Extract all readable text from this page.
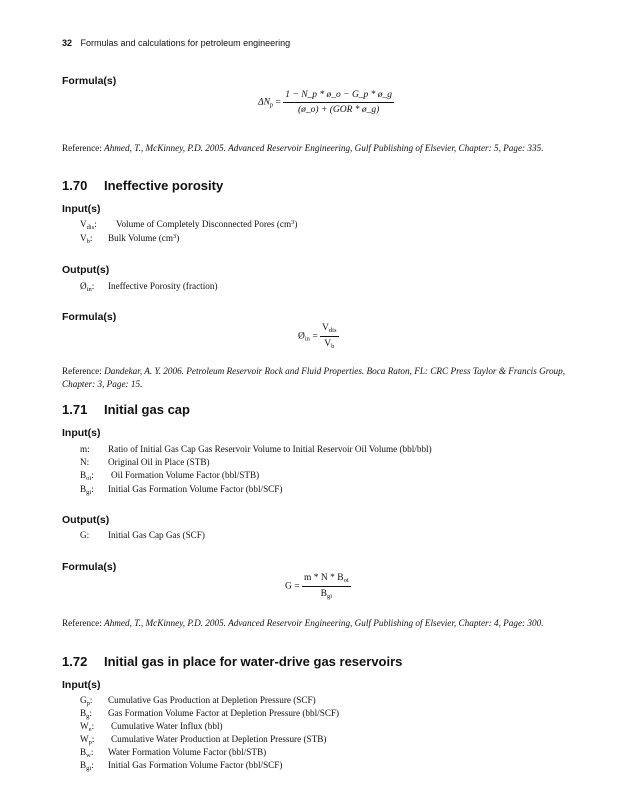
32 Formulas and calculations for petroleum engineering
Formula(s)
$\Delta N_p = \frac{1 - N\_p * ø\_o - G\_p * ø\_g}{\text{(ø\_o) + (GOR * ø\_g)}}$
Reference: Ahmed, T., McKinney, P.D. 2005. Advanced Reservoir Engineering, Gulf Publishing of Elsevier, Chapter: 5, Page: 335.
1.70 Ineffective porosity
Input(s)
$V_{dis}$: Volume of Completely Disconnected Pores $(cm^3)$
$V_b$: Bulk Volume $(cm^3)$
Output(s)
$Ø_{in}$: Ineffective Porosity (fraction)
Formula(s)
$Ø_{in} = \frac{V_{dis}}{V_b}$
Reference: Dandekar, A. Y. 2006. Petroleum Reservoir Rock and Fluid Properties. Boca Raton, FL: CRC Press Taylor & Francis Group, Chapter: 3, Page: 15.
1.71 Initial gas cap
Input(s)
m: Ratio of Initial Gas Cap Gas Reservoir Volume to Initial Reservoir Oil Volume (bbl/bbl)
N: Original Oil in Place (STB)
$B_{oi}$: Oil Formation Volume Factor (bbl/STB)
$B_{gi}$: Initial Gas Formation Volume Factor (bbl/SCF)
Output(s)
G: Initial Gas Cap Gas (SCF)
Formula(s)
$G = \frac{m * N * B_{oi}}{B_{gi}}$
Reference: Ahmed, T., McKinney, P.D. 2005. Advanced Reservoir Engineering, Gulf Publishing of Elsevier, Chapter: 4, Page: 300.
1.72 Initial gas in place for water-drive gas reservoirs
Input(s)
$G_p$: Cumulative Gas Production at Depletion Pressure (SCF)
$B_g$: Gas Formation Volume Factor at Depletion Pressure (bbl/SCF)
$W_e$: Cumulative Water Influx (bbl)
$W_p$: Cumulative Water Production at Depletion Pressure (STB)
$B_w$: Water Formation Volume Factor (bbl/STB)
$B_{gi}$: Initial Gas Formation Volume Factor (bbl/SCF)
